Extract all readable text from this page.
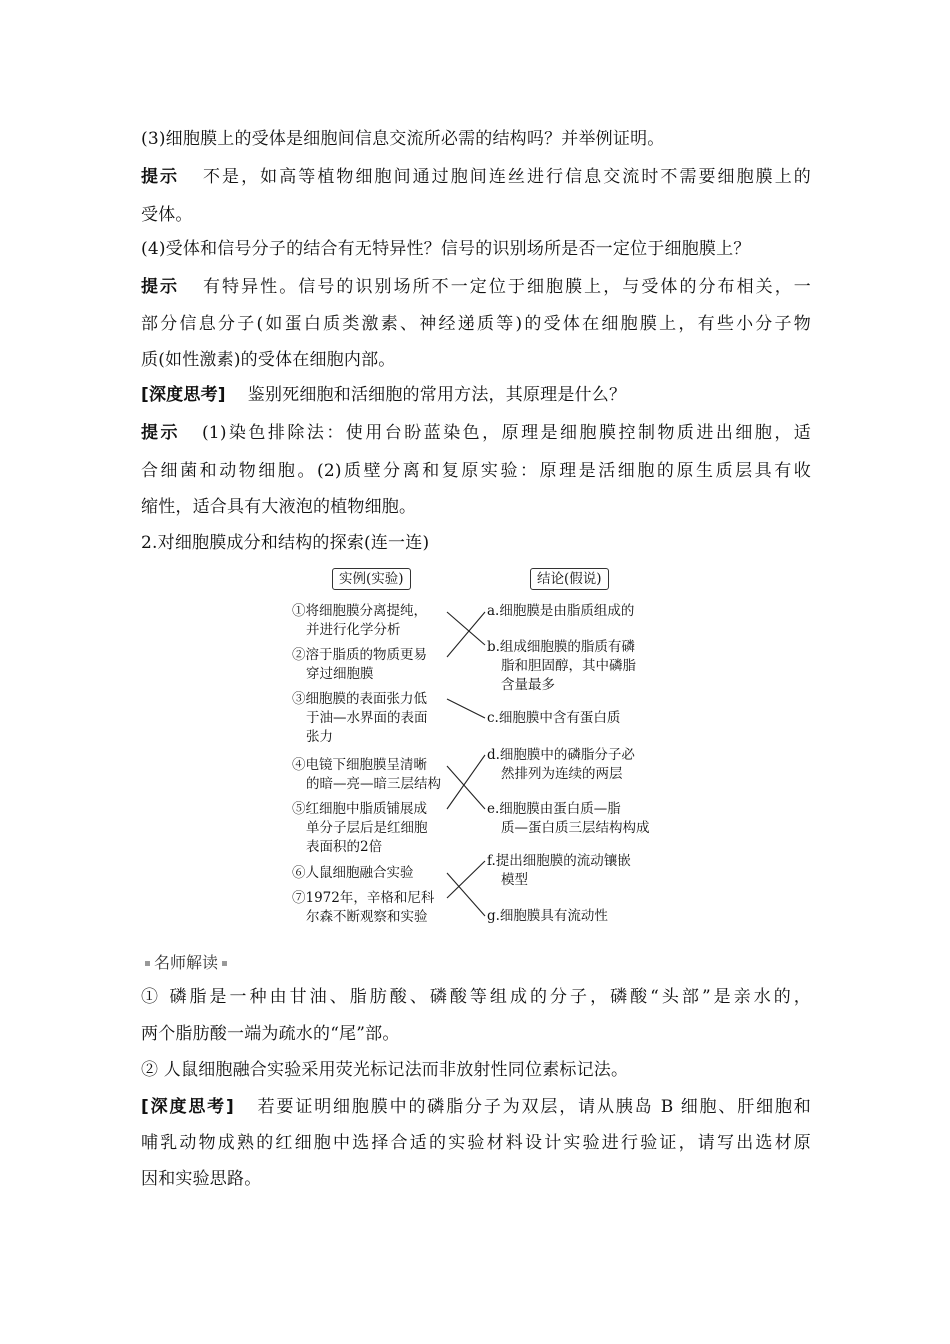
(3)细胞膜上的受体是细胞间信息交流所必需的结构吗？并举例证明。
提示 不是，如高等植物细胞间通过胞间连丝进行信息交流时不需要细胞膜上的
受体。
(4)受体和信号分子的结合有无特异性？信号的识别场所是否一定位于细胞膜上？
提示 有特异性。信号的识别场所不一定位于细胞膜上，与受体的分布相关，一
部分信息分子(如蛋白质类激素、神经递质等)的受体在细胞膜上，有些小分子物
质(如性激素)的受体在细胞内部。
[深度思考] 鉴别死细胞和活细胞的常用方法，其原理是什么？
提示 (1)染色排除法：使用台盼蓝染色，原理是细胞膜控制物质进出细胞，适
合细菌和动物细胞。(2)质壁分离和复原实验：原理是活细胞的原生质层具有收
缩性，适合具有大液泡的植物细胞。
2.对细胞膜成分和结构的探索(连一连)
实例(实验)	结论(假说)
①将细胞膜分离提纯，
并进行化学分析
②溶于脂质的物质更易
穿过细胞膜
③细胞膜的表面张力低
于油—水界面的表面
张力
④电镜下细胞膜呈清晰
的暗—亮—暗三层结构
⑤红细胞中脂质铺展成
单分子层后是红细胞
表面积的2倍
⑥人鼠细胞融合实验
⑦1972年，辛格和尼科
尔森不断观察和实验
a.细胞膜是由脂质组成的
b.组成细胞膜的脂质有磷
脂和胆固醇，其中磷脂
含量最多
c.细胞膜中含有蛋白质
d.细胞膜中的磷脂分子必
然排列为连续的两层
e.细胞膜由蛋白质—脂
质—蛋白质三层结构构成
f.提出细胞膜的流动镶嵌
模型
g.细胞膜具有流动性
名师解读
① 磷脂是一种由甘油、脂肪酸、磷酸等组成的分子，磷酸“头部”是亲水的，
两个脂肪酸一端为疏水的“尾”部。
② 人鼠细胞融合实验采用荧光标记法而非放射性同位素标记法。
[深度思考] 若要证明细胞膜中的磷脂分子为双层，请从胰岛 B 细胞、肝细胞和
哺乳动物成熟的红细胞中选择合适的实验材料设计实验进行验证，请写出选材原
因和实验思路。
